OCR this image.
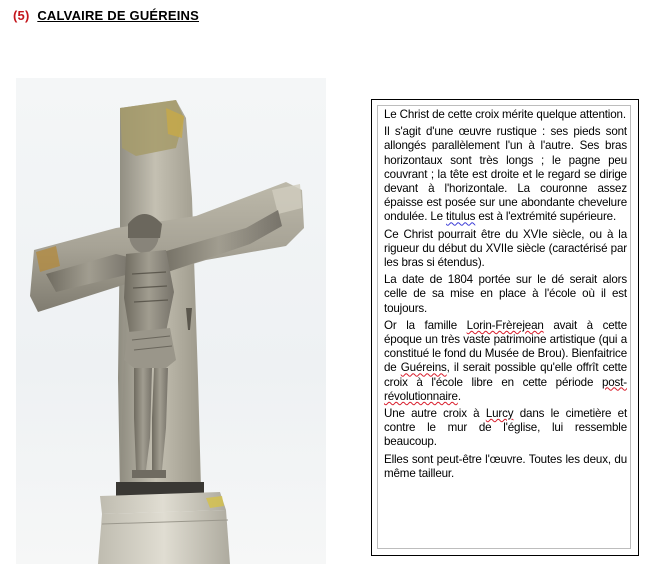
(5) CALVAIRE DE GUÉREINS

Le Christ de cette croix mérite quelque attention.

Il s'agit d'une œuvre rustique : ses pieds sont allongés parallèlement l'un à l'autre. Ses bras horizontaux sont très longs ; le pagne peu couvrant ; la tête est droite et le regard se dirige devant à l'horizontale. La couronne assez épaisse est posée sur une abondante chevelure ondulée. Le titulus est à l'extrémité supérieure.

Ce Christ pourrait être du XVIe siècle, ou à la rigueur du début du XVIIe siècle (caractérisé par les bras si étendus).

La date de 1804 portée sur le dé serait alors celle de sa mise en place à l'école où il est toujours.

Or la famille Lorin-Frèrejean avait à cette époque un très vaste patrimoine artistique (qui a constitué le fond du Musée de Brou). Bienfaitrice de Guéreins, il serait possible qu'elle offrît cette croix à l'école libre en cette période post-révolutionnaire.

Une autre croix à Lurcy dans le cimetière et contre le mur de l'église, lui ressemble beaucoup.

Elles sont peut-être l'œuvre. Toutes les deux, du même tailleur.
